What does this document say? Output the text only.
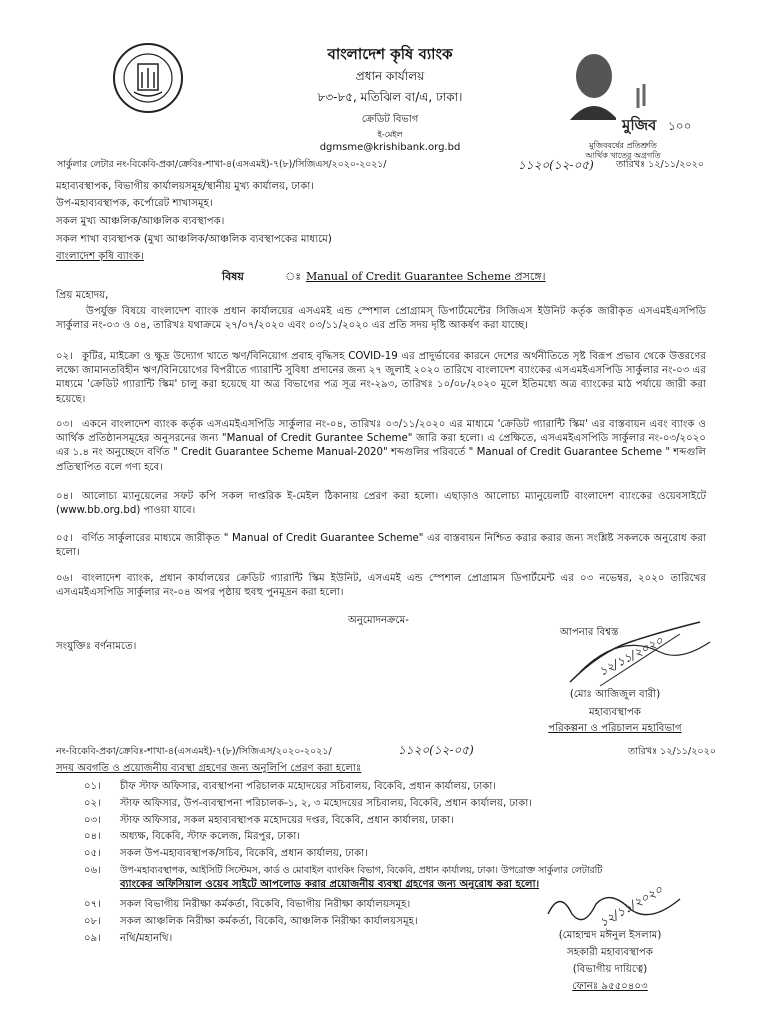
বাংলাদেশ কৃষি ব্যাংক
প্রধান কার্যালয়
৮৩-৮৫, মতিঝিল বা/এ, ঢাকা।
ক্রেডিট বিভাগ
ই-মেইল
dgmsme@krishibank.org.bd
মুজিব ১০০
মুজিববর্ষের প্রতিশ্রুতি
আর্থিক খাতের অগ্রগতি
সার্কুলার লেটার নং-বিকেবি-প্রকা/ক্রেবিঃ-শাখা-৪(এসএমই)-৭(৮)/সিজিএস/২০২০-২০২১/	১১২০(১২-০৫) তারিখঃ ১২/১১/২০২০
মহাব্যবস্থাপক, বিভাগীয় কার্যালয়সমূহ/স্থানীয় মুখ্য কার্যালয়, ঢাকা।
উপ-মহাব্যবস্থাপক, কর্পোরেট শাখাসমূহ।
সকল মুখ্য আঞ্চলিক/আঞ্চলিক ব্যবস্থাপক।
সকল শাখা ব্যবস্থাপক (মুখ্য আঞ্চলিক/আঞ্চলিক ব্যবস্থাপকের মাধ্যমে)
বাংলাদেশ কৃষি ব্যাংক।
বিষয়	ঃ Manual of Credit Guarantee Scheme প্রসঙ্গে।
প্রিয় মহোদয়,
উপর্যুক্ত বিষয়ে বাংলাদেশ ব্যাংক প্রধান কার্যালয়ের এসএমই এন্ড স্পেশাল প্রোগ্রামস্ ডিপার্টমেন্টের সিজিএস ইউনিট কর্তৃক জারীকৃত এসএমইএসপিডি সার্কুলার নং-০৩ ও ০৪, তারিখঃ যথাক্রমে ২৭/০৭/২০২০ এবং ০৩/১১/২০২০ এর প্রতি সদয় দৃষ্টি আকর্ষণ করা যাচ্ছে।
০২। কুটির, মাইক্রো ও ক্ষুদ্র উদ্যোগ খাতে ঋণ/বিনিয়োগ প্রবাহ বৃদ্ধিসহ COVID-19 এর প্রাদুর্ভাবের কারনে দেশের অর্থনীতিতে সৃষ্ট বিরূপ প্রভাব থেকে উত্তরণের লক্ষ্যে জামানতবিহীন ঋণ/বিনিয়োগের বিপরীতে গ্যারান্টি সুবিধা প্রদানের জন্য ২৭ জুলাই ২০২০ তারিখে বাংলাদেশ ব্যাংকের এসএমইএসপিডি সার্কুলার নং-০৩ এর মাধ্যমে 'ক্রেডিট গ্যারান্টি স্কিম' চালু করা হয়েছে যা অত্র বিভাগের পত্র সূত্র নং-২৯৩, তারিখঃ ১০/০৮/২০২০ মূলে ইতিমধ্যে অত্র ব্যাংকের মাঠ পর্যায়ে জারী করা হয়েছে।
০৩। একনে বাংলাদেশ ব্যাংক কর্তৃক এসএমইএসপিডি সার্কুলার নং-০৪, তারিখঃ ০৩/১১/২০২০ এর মাধ্যমে 'ক্রেডিট গ্যারান্টি স্কিম' এর বাস্তবায়ন এবং ব্যাংক ও আর্থিক প্রতিষ্ঠানসমূহের অনুসরনের জন্য "Manual of Credit Gurantee Scheme" জারি করা হলো। এ প্রেক্ষিতে, এসএমইএসপিডি সার্কুলার নং-০৩/২০২০ এর ১.৪ নং অনুচ্ছেদে বর্ণিত " Credit Guarantee Scheme Manual-2020" শব্দগুলির পরিবর্তে " Manual of Credit Guarantee Scheme " শব্দগুলি প্রতিস্থাপিত বলে গণ্য হবে।
০৪। আলোচ্য ম্যানুয়েলের সফট কপি সকল দাপ্তরিক ই-মেইল ঠিকানায় প্রেরণ করা হলো। এছাড়াও আলোচ্য ম্যানুয়েলটি বাংলাদেশ ব্যাংকের ওয়েবসাইটে (www.bb.org.bd) পাওয়া যাবে।
০৫। বর্ণিত সার্কুলারের মাধ্যমে জারীকৃত " Manual of Credit Guarantee Scheme" এর বাস্তবায়ন নিশ্চিত করার করার জন্য সংশ্লিষ্ট সকলকে অনুরোধ করা হলো।
০৬। বাংলাদেশ ব্যাংক, প্রধান কার্যালয়ের ক্রেডিট গ্যারান্টি স্কিম ইউনিট, এসএমই এন্ড স্পেশাল প্রোগ্রামস ডিপার্টমেন্ট এর ০৩ নভেম্বর, ২০২০ তারিখের এসএমইএসপিডি সার্কুলার নং-০৪ অপর পৃষ্ঠায় হুবহু পুনমূদ্রন করা হলো।
অনুমোদনক্রমে-
সংযুক্তিঃ বর্ণনামতে।
আপনার বিশ্বস্ত
১২/১১/২০২০
(মোঃ আজিজুল বারী)
মহাব্যবস্থাপক
পরিকল্পনা ও পরিচালন মহাবিভাগ
নং-বিকেবি-প্রকা/ক্রেবিঃ-শাখা-৪(এসএমই)-৭(৮)/সিজিএস/২০২০-২০২১/	১১২০(১২-০৫)	তারিখঃ ১২/১১/২০২০
সদয় অবগতি ও প্রয়োজনীয় ব্যবস্থা গ্রহণের জন্য অনুলিপি প্রেরণ করা হলোঃ
০১। চীফ স্টাফ অফিসার, ব্যবস্থাপনা পরিচালক মহোদয়ের সচিবালয়, বিকেবি, প্রধান কার্যালয়, ঢাকা।
০২। স্টাফ অফিসার, উপ-ব্যবস্থাপনা পরিচালক-১, ২, ৩ মহোদয়ের সচিবালয়, বিকেবি, প্রধান কার্যালয়, ঢাকা।
০৩। স্টাফ অফিসার, সকল মহাব্যবস্থাপক মহোদয়ের দপ্তর, বিকেবি, প্রধান কার্যালয়, ঢাকা।
০৪। অধ্যক্ষ, বিকেবি, স্টাফ কলেজ, মিরপুর, ঢাকা।
০৫। সকল উপ-মহাব্যবস্থাপক/সচিব, বিকেবি, প্রধান কার্যালয়, ঢাকা।
০৬। উপ-মহাব্যবস্থাপক, আইসিটি সিস্টেমস, কার্ড ও মোবাইল ব্যাংকিং বিভাগ, বিকেবি, প্রধান কার্যালয়, ঢাকা। উপরোক্ত সার্কুলার লেটারটি
ব্যাংকের অফিসিয়াল ওয়েব সাইটে আপলোড করার প্রয়োজনীয় ব্যবস্থা গ্রহণের জন্য অনুরোধ করা হলো।
০৭। সকল বিভাগীয় নিরীক্ষা কর্মকর্তা, বিকেবি, বিভাগীয় নিরীক্ষা কার্যালয়সমূহ।
০৮। সকল আঞ্চলিক নিরীক্ষা কর্মকর্তা, বিকেবি, আঞ্চলিক নিরীক্ষা কার্যালয়সমূহ।
০৯। নথি/মহানথি।
১২/১১/২০২০
(মোহাম্মদ মঈনুল ইসলাম)
সহকারী মহাব্যবস্থাপক
(বিভাগীয় দায়িত্বে)
ফোনঃ ৯৫৫০৪০৩
